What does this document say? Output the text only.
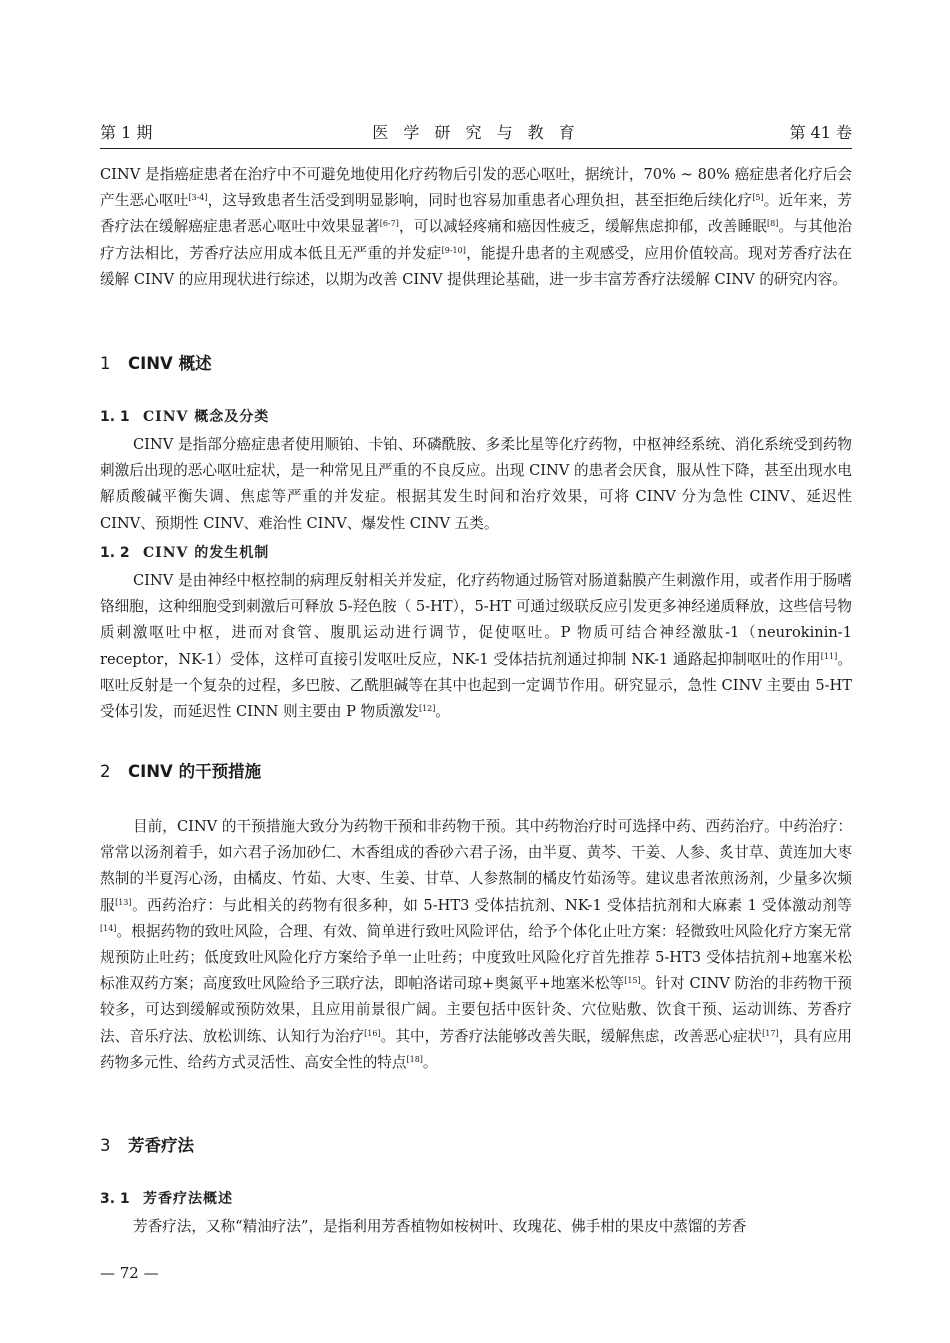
第 1 期	医 学 研 究 与 教 育	第 41 卷

CINV 是指癌症患者在治疗中不可避免地使用化疗药物后引发的恶心呕吐，据统计，70% ~ 80% 癌症患者化疗后会产生恶心呕吐[3-4]，这导致患者生活受到明显影响，同时也容易加重患者心理负担，甚至拒绝后续化疗[5]。近年来，芳香疗法在缓解癌症患者恶心呕吐中效果显著[6-7]，可以减轻疼痛和癌因性疲乏，缓解焦虑抑郁，改善睡眠[8]。与其他治疗方法相比，芳香疗法应用成本低且无严重的并发症[9-10]，能提升患者的主观感受，应用价值较高。现对芳香疗法在缓解 CINV 的应用现状进行综述，以期为改善 CINV 提供理论基础，进一步丰富芳香疗法缓解 CINV 的研究内容。

1 CINV 概述
1. 1 CINV 概念及分类

CINV 是指部分癌症患者使用顺铂、卡铂、环磷酰胺、多柔比星等化疗药物，中枢神经系统、消化系统受到药物刺激后出现的恶心呕吐症状，是一种常见且严重的不良反应。出现 CINV 的患者会厌食，服从性下降，甚至出现水电解质酸碱平衡失调、焦虑等严重的并发症。根据其发生时间和治疗效果，可将 CINV 分为急性 CINV、延迟性 CINV、预期性 CINV、难治性 CINV、爆发性 CINV 五类。

1. 2 CINV 的发生机制

CINV 是由神经中枢控制的病理反射相关并发症，化疗药物通过肠管对肠道黏膜产生刺激作用，或者作用于肠嗜铬细胞，这种细胞受到刺激后可释放 5-羟色胺（ 5-HT），5-HT 可通过级联反应引发更多神经递质释放，这些信号物质刺激呕吐中枢，进而对食管、腹肌运动进行调节，促使呕吐。P 物质可结合神经激肽-1（neurokinin-1 receptor，NK-1）受体，这样可直接引发呕吐反应，NK-1 受体拮抗剂通过抑制 NK-1 通路起抑制呕吐的作用[11]。呕吐反射是一个复杂的过程，多巴胺、乙酰胆碱等在其中也起到一定调节作用。研究显示，急性 CINV 主要由 5-HT 受体引发，而延迟性 CINN 则主要由 P 物质激发[12]。

2 CINV 的干预措施

目前，CINV 的干预措施大致分为药物干预和非药物干预。其中药物治疗时可选择中药、西药治疗。中药治疗：常常以汤剂着手，如六君子汤加砂仁、木香组成的香砂六君子汤，由半夏、黄芩、干姜、人参、炙甘草、黄连加大枣熬制的半夏泻心汤，由橘皮、竹茹、大枣、生姜、甘草、人参熬制的橘皮竹茹汤等。建议患者浓煎汤剂，少量多次频服[13]。西药治疗：与此相关的药物有很多种，如 5-HT3 受体拮抗剂、NK-1 受体拮抗剂和大麻素 1 受体激动剂等[14]。根据药物的致吐风险，合理、有效、简单进行致吐风险评估，给予个体化止吐方案：轻微致吐风险化疗方案无常规预防止吐药；低度致吐风险化疗方案给予单一止吐药；中度致吐风险化疗首先推荐 5-HT3 受体拮抗剂+地塞米松标准双药方案；高度致吐风险给予三联疗法，即帕洛诺司琼+奥氮平+地塞米松等[15]。针对 CINV 防治的非药物干预较多，可达到缓解或预防效果，且应用前景很广阔。主要包括中医针灸、穴位贴敷、饮食干预、运动训练、芳香疗法、音乐疗法、放松训练、认知行为治疗[16]。其中，芳香疗法能够改善失眠，缓解焦虑，改善恶心症状[17]，具有应用药物多元性、给药方式灵活性、高安全性的特点[18]。

3 芳香疗法
3. 1 芳香疗法概述

芳香疗法，又称“精油疗法”，是指利用芳香植物如桉树叶、玫瑰花、佛手柑的果皮中蒸馏的芳香

— 72 —
